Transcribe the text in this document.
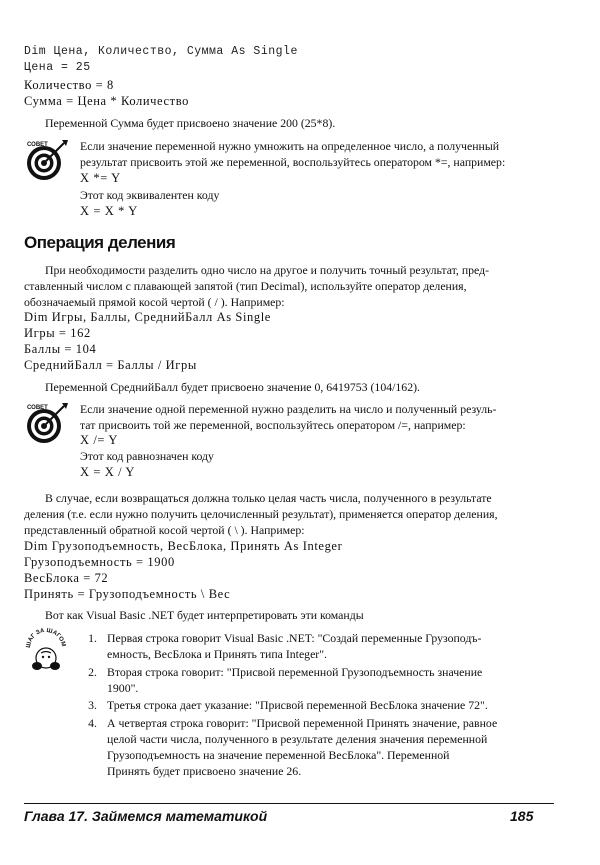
Dim Цена, Количество, Сумма As Single
Цена = 25
Количество = 8
Сумма = Цена * Количество
Переменной Сумма будет присвоено значение 200 (25*8).
СОВЕТ	Если значение переменной нужно умножить на определенное число, а полученный
результат присвоить этой же переменной, воспользуйтесь оператором *=, например:
X *= Y
Этот код эквивалентен коду
X = X * Y
Операция деления
При необходимости разделить одно число на другое и получить точный результат, пред-
ставленный числом с плавающей запятой (тип Decimal), используйте оператор деления,
обозначаемый прямой косой чертой ( / ). Например:
Dim Игры, Баллы, СреднийБалл As Single
Игры = 162
Баллы = 104
СреднийБалл = Баллы / Игры
Переменной СреднийБалл будет присвоено значение 0, 6419753 (104/162).
СОВЕТ	Если значение одной переменной нужно разделить на число и полученный резуль-
тат присвоить той же переменной, воспользуйтесь оператором /=, например:
X /= Y
Этот код равнозначен коду
X = X / Y
В случае, если возвращаться должна только целая часть числа, полученного в результате
деления (т.е. если нужно получить целочисленный результат), применяется оператор деления,
представленный обратной косой чертой ( \ ). Например:
Dim Грузоподъемность, ВесБлока, Принять As Integer
Грузоподъемность = 1900
ВесБлока = 72
Принять = Грузоподъемность \ Вес
Вот как Visual Basic .NET будет интерпретировать эти команды
ШАГ ЗА ШАГОМ	1. Первая строка говорит Visual Basic .NET: "Создай переменные Грузоподъ-
емность, ВесБлока и Принять типа Integer".
2. Вторая строка говорит: "Присвой переменной Грузоподъемность значение
1900".
3. Третья строка дает указание: "Присвой переменной ВесБлока значение 72".
4. А четвертая строка говорит: "Присвой переменной Принять значение, равное
целой части числа, полученного в результате деления значения переменной
Грузоподъемность на значение переменной ВесБлока". Переменной
Принять будет присвоено значение 26.
Глава 17. Займемся математикой	185
